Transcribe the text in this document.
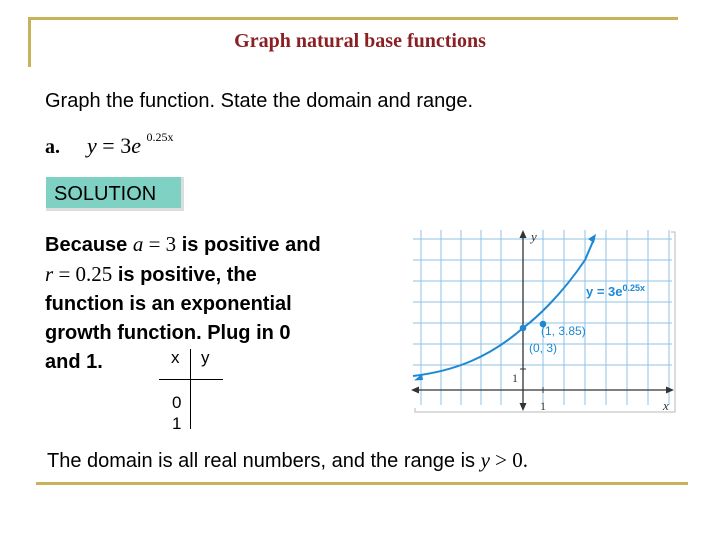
Graph natural base functions
Graph the function. State the domain and range.
a. y = 3e $^{0.25x}$
SOLUTION
Because a = 3 is positive and
r = 0.25 is positive, the
function is an exponential
growth function. Plug in 0
and 1.	x y
0
1
The domain is all real numbers, and the range is y > 0.
y
x
1
1
$y = 3e^{0.25x}$
(1, 3.85)
(0, 3)
